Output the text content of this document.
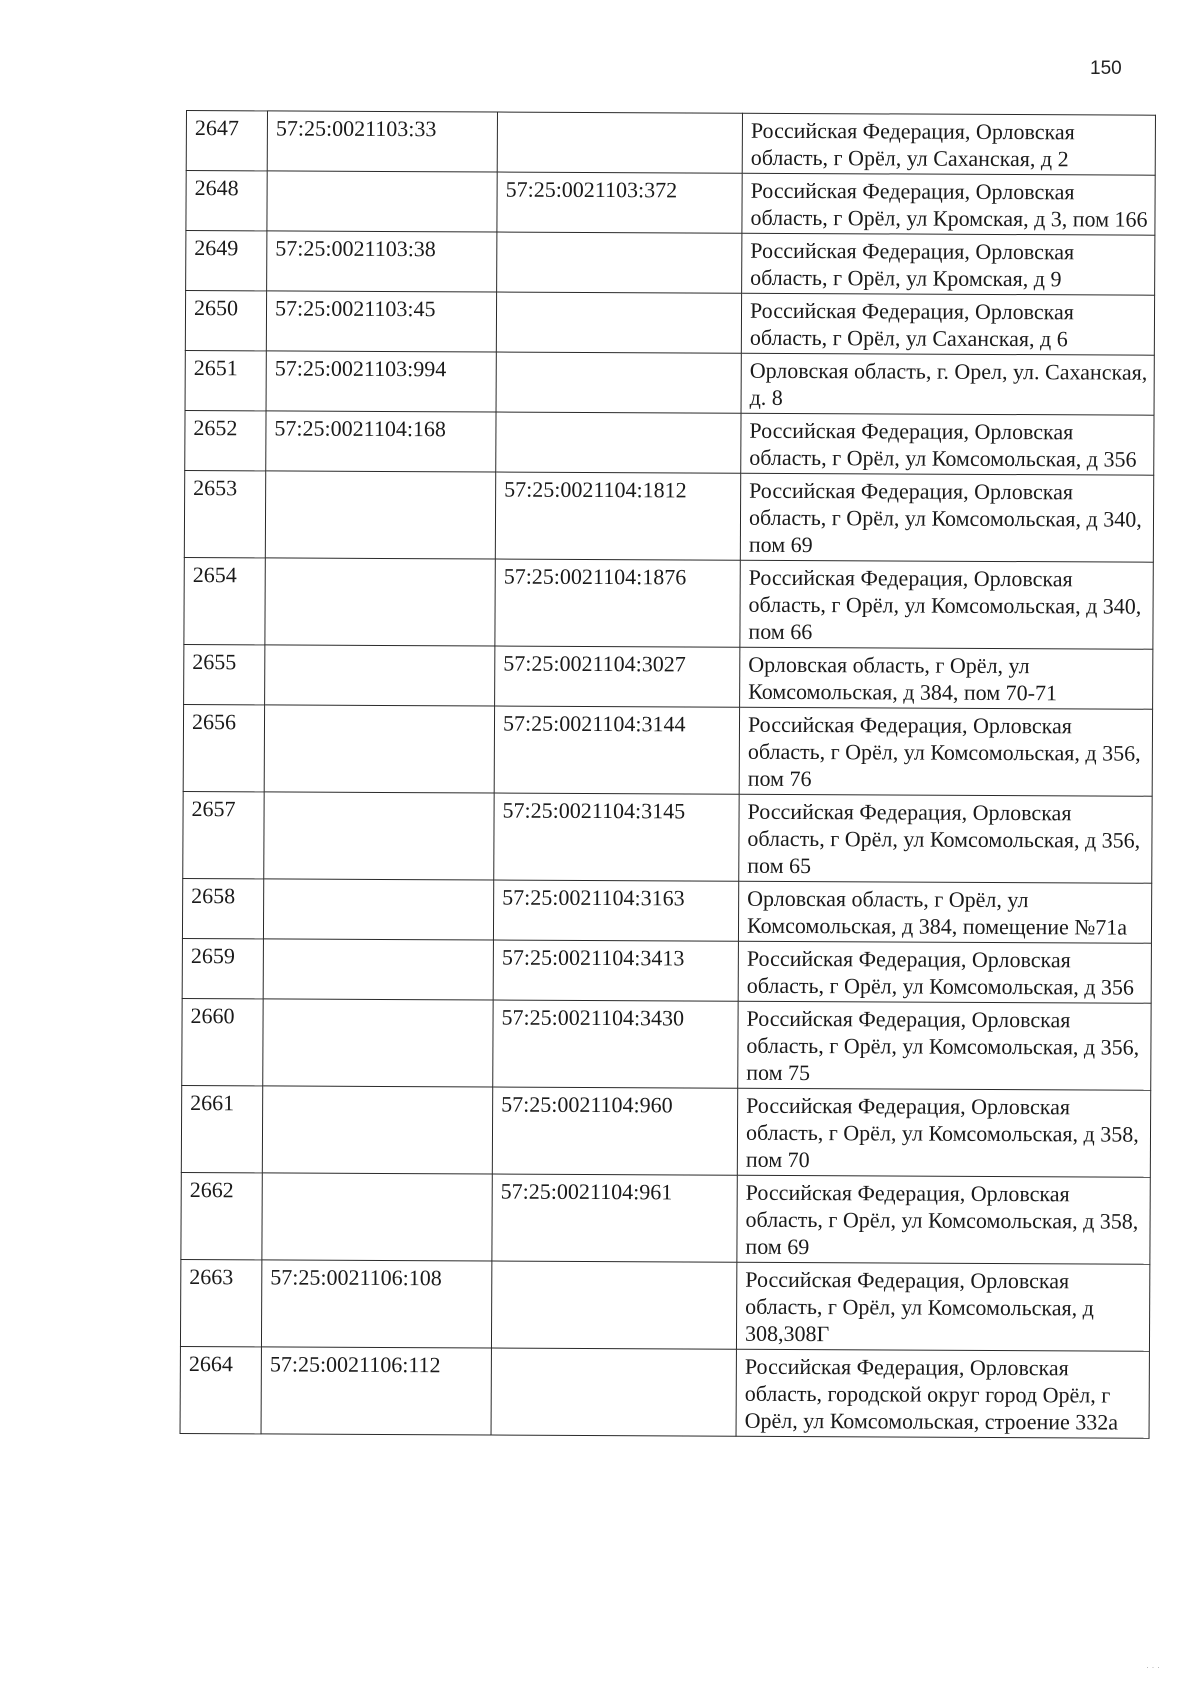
150
2647	57:25:0021103:33		Российская Федерация, Орловская область, г Орёл, ул Саханская, д 2
2648		57:25:0021103:372	Российская Федерация, Орловская область, г Орёл, ул Кромская, д 3, пом 166
2649	57:25:0021103:38		Российская Федерация, Орловская область, г Орёл, ул Кромская, д 9
2650	57:25:0021103:45		Российская Федерация, Орловская область, г Орёл, ул Саханская, д 6
2651	57:25:0021103:994		Орловская область, г. Орел, ул. Саханская, д. 8
2652	57:25:0021104:168		Российская Федерация, Орловская область, г Орёл, ул Комсомольская, д 356
2653		57:25:0021104:1812	Российская Федерация, Орловская область, г Орёл, ул Комсомольская, д 340, пом 69
2654		57:25:0021104:1876	Российская Федерация, Орловская область, г Орёл, ул Комсомольская, д 340, пом 66
2655		57:25:0021104:3027	Орловская область, г Орёл, ул Комсомольская, д 384, пом 70-71
2656		57:25:0021104:3144	Российская Федерация, Орловская область, г Орёл, ул Комсомольская, д 356, пом 76
2657		57:25:0021104:3145	Российская Федерация, Орловская область, г Орёл, ул Комсомольская, д 356, пом 65
2658		57:25:0021104:3163	Орловская область, г Орёл, ул Комсомольская, д 384, помещение №71а
2659		57:25:0021104:3413	Российская Федерация, Орловская область, г Орёл, ул Комсомольская, д 356
2660		57:25:0021104:3430	Российская Федерация, Орловская область, г Орёл, ул Комсомольская, д 356, пом 75
2661		57:25:0021104:960	Российская Федерация, Орловская область, г Орёл, ул Комсомольская, д 358, пом 70
2662		57:25:0021104:961	Российская Федерация, Орловская область, г Орёл, ул Комсомольская, д 358, пом 69
2663	57:25:0021106:108		Российская Федерация, Орловская область, г Орёл, ул Комсомольская, д 308,308Г
2664	57:25:0021106:112		Российская Федерация, Орловская область, городской округ город Орёл, г Орёл, ул Комсомольская, строение 332а
· · ·
